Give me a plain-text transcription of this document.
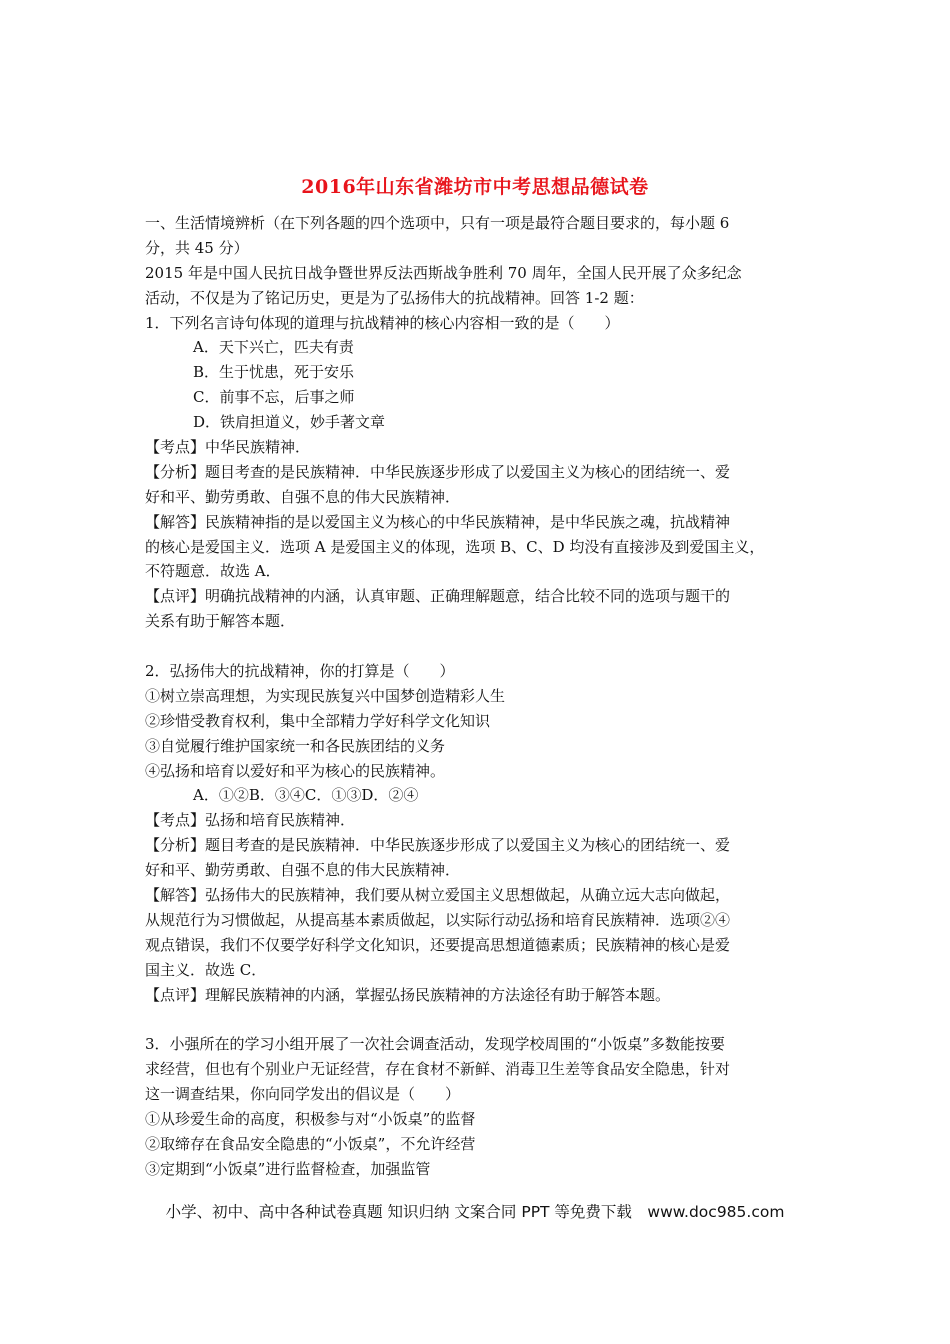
2016年山东省潍坊市中考思想品德试卷
一、生活情境辨析（在下列各题的四个选项中，只有一项是最符合题目要求的，每小题 6
分，共 45 分）
2015 年是中国人民抗日战争暨世界反法西斯战争胜利 70 周年，全国人民开展了众多纪念
活动，不仅是为了铭记历史，更是为了弘扬伟大的抗战精神。回答 1-2 题：
1．下列名言诗句体现的道理与抗战精神的核心内容相一致的是（　　）
A．天下兴亡，匹夫有责
B．生于忧患，死于安乐
C．前事不忘，后事之师
D．铁肩担道义，妙手著文章
【考点】中华民族精神．
【分析】题目考查的是民族精神．中华民族逐步形成了以爱国主义为核心的团结统一、爱
好和平、勤劳勇敢、自强不息的伟大民族精神．
【解答】民族精神指的是以爱国主义为核心的中华民族精神，是中华民族之魂，抗战精神
的核心是爱国主义．选项 A 是爱国主义的体现，选项 B、C、D 均没有直接涉及到爱国主义，
不符题意．故选 A．
【点评】明确抗战精神的内涵，认真审题、正确理解题意，结合比较不同的选项与题干的
关系有助于解答本题．
2．弘扬伟大的抗战精神，你的打算是（　　）
①树立崇高理想，为实现民族复兴中国梦创造精彩人生
②珍惜受教育权利，集中全部精力学好科学文化知识
③自觉履行维护国家统一和各民族团结的义务
④弘扬和培育以爱好和平为核心的民族精神。
A．①②B．③④C．①③D．②④
【考点】弘扬和培育民族精神．
【分析】题目考查的是民族精神．中华民族逐步形成了以爱国主义为核心的团结统一、爱
好和平、勤劳勇敢、自强不息的伟大民族精神．
【解答】弘扬伟大的民族精神，我们要从树立爱国主义思想做起，从确立远大志向做起，
从规范行为习惯做起，从提高基本素质做起，以实际行动弘扬和培育民族精神．选项②④
观点错误，我们不仅要学好科学文化知识，还要提高思想道德素质；民族精神的核心是爱
国主义．故选 C．
【点评】理解民族精神的内涵，掌握弘扬民族精神的方法途径有助于解答本题。
3．小强所在的学习小组开展了一次社会调查活动，发现学校周围的“小饭桌”多数能按要
求经营，但也有个别业户无证经营，存在食材不新鲜、消毒卫生差等食品安全隐患，针对
这一调查结果，你向同学发出的倡议是（　　）
①从珍爱生命的高度，积极参与对“小饭桌”的监督
②取缔存在食品安全隐患的“小饭桌”，不允许经营
③定期到“小饭桌”进行监督检查，加强监管
小学、初中、高中各种试卷真题 知识归纳 文案合同 PPT 等免费下载　www.doc985.com
